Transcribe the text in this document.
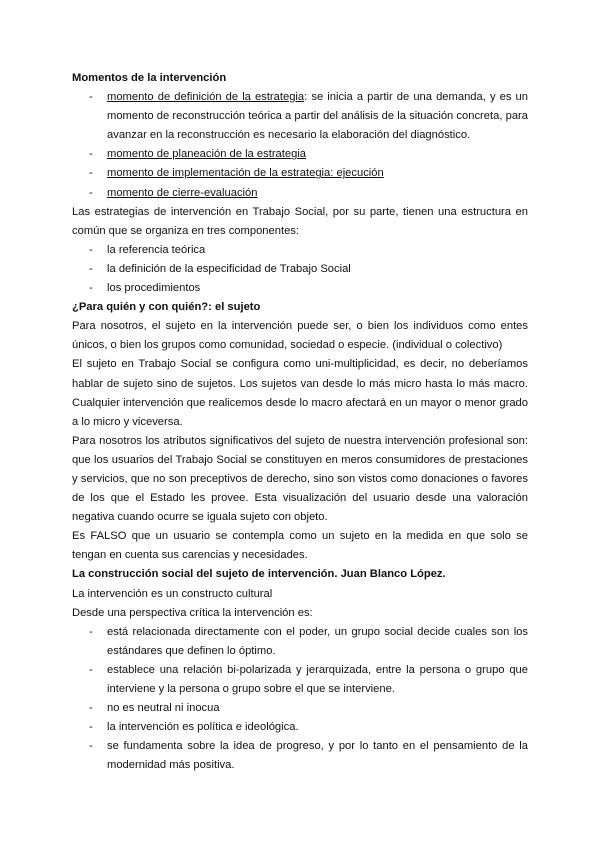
Momentos de la intervención

- momento de definición de la estrategia: se inicia a partir de una demanda, y es un momento de reconstrucción teórica a partir del análisis de la situación concreta, para avanzar en la reconstrucción es necesario la elaboración del diagnóstico.
- momento de planeación de la estrategia
- momento de implementación de la estrategia: ejecución
- momento de cierre-evaluación

Las estrategias de intervención en Trabajo Social, por su parte, tienen una estructura en común que se organiza en tres componentes:

- la referencia teórica
- la definición de la especificidad de Trabajo Social
- los procedimientos

¿Para quién y con quién?: el sujeto

Para nosotros, el sujeto en la intervención puede ser, o bien los individuos como entes únicos, o bien los grupos como comunidad, sociedad o especie. (individual o colectivo)

El sujeto en Trabajo Social se configura como uni-multiplicidad, es decir, no deberíamos hablar de sujeto sino de sujetos. Los sujetos van desde lo más micro hasta lo más macro. Cualquier intervención que realicemos desde lo macro afectará en un mayor o menor grado a lo micro y viceversa.

Para nosotros los atributos significativos del sujeto de nuestra intervención profesional son: que los usuarios del Trabajo Social se constituyen en meros consumidores de prestaciones y servicios, que no son preceptivos de derecho, sino son vistos como donaciones o favores de los que el Estado les provee. Esta visualización del usuario desde una valoración negativa cuando ocurre se iguala sujeto con objeto.

Es FALSO que un usuario se contempla como un sujeto en la medida en que solo se tengan en cuenta sus carencias y necesidades.

La construcción social del sujeto de intervención. Juan Blanco López.

La intervención es un constructo cultural

Desde una perspectiva crítica la intervención es:

- está relacionada directamente con el poder, un grupo social decide cuales son los estándares que definen lo óptimo.
- establece una relación bi-polarizada y jerarquizada, entre la persona o grupo que interviene y la persona o grupo sobre el que se interviene.
- no es neutral ni inocua
- la intervención es política e ideológica.
- se fundamenta sobre la idea de progreso, y por lo tanto en el pensamiento de la modernidad más positiva.
